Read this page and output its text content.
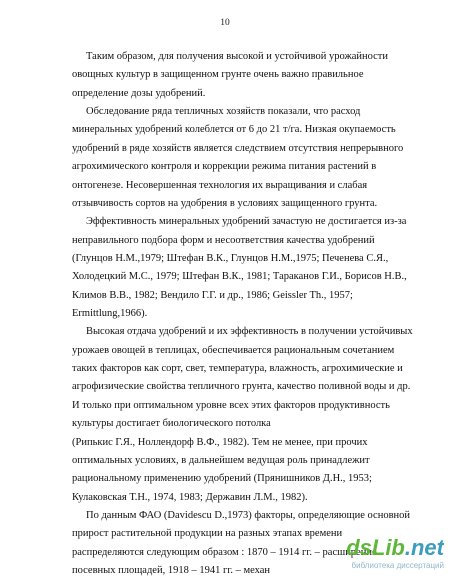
10
Таким образом, для получения высокой и устойчивой урожайности
овощных культур в защищенном грунте очень важно правильное
определение дозы удобрений.
Обследование ряда тепличных хозяйств показали, что расход
минеральных удобрений колеблется от 6 до 21 т/га. Низкая окупаемость
удобрений в ряде хозяйств является следствием отсутствия непрерывного
агрохимического контроля и коррекции режима питания растений в
онтогенезе. Несовершенная технология их выращивания и слабая
отзывчивость сортов на удобрения в условиях защищенного грунта.
Эффективность минеральных удобрений зачастую не достигается из-за
неправильного подбора форм и несоответствия качества удобрений
(Глунцов Н.М.,1979; Штефан В.К., Глунцов Н.М.,1975; Печенева С.Я.,
Холодецкий М.С., 1979; Штефан В.К., 1981; Тараканов Г.И., Борисов Н.В.,
Климов В.В., 1982; Вендило Г.Г. и др., 1986; Geissler Th., 1957;
Ermittlung,1966).
Высокая отдача удобрений и их эффективность в получении устойчивых
урожаев овощей в теплицах, обеспечивается рациональным сочетанием
таких факторов как сорт, свет, температура, влажность, агрохимические и
агрофизические свойства тепличного грунта, качество поливной воды и др.
И только при оптимальном уровне всех этих факторов продуктивность
культуры достигает биологического потолка
(Рипькис Г.Я., Ноллендорф В.Ф., 1982). Тем не менее, при прочих
оптимальных условиях, в дальнейшем ведущая роль принадлежит
рациональному применению удобрений (Прянишников Д.Н., 1953;
Кулаковская Т.Н., 1974, 1983; Державин Л.М., 1982).
По данным ФАО (Davidescu D.,1973) факторы, определяющие основной
прирост растительной продукции на разных этапах времени
распределяются следующим образом : 1870 – 1914 гг. – расширение
посевных площадей, 1918 – 1941 гг. – механ
dsLib.net
библиотека диссертаций
